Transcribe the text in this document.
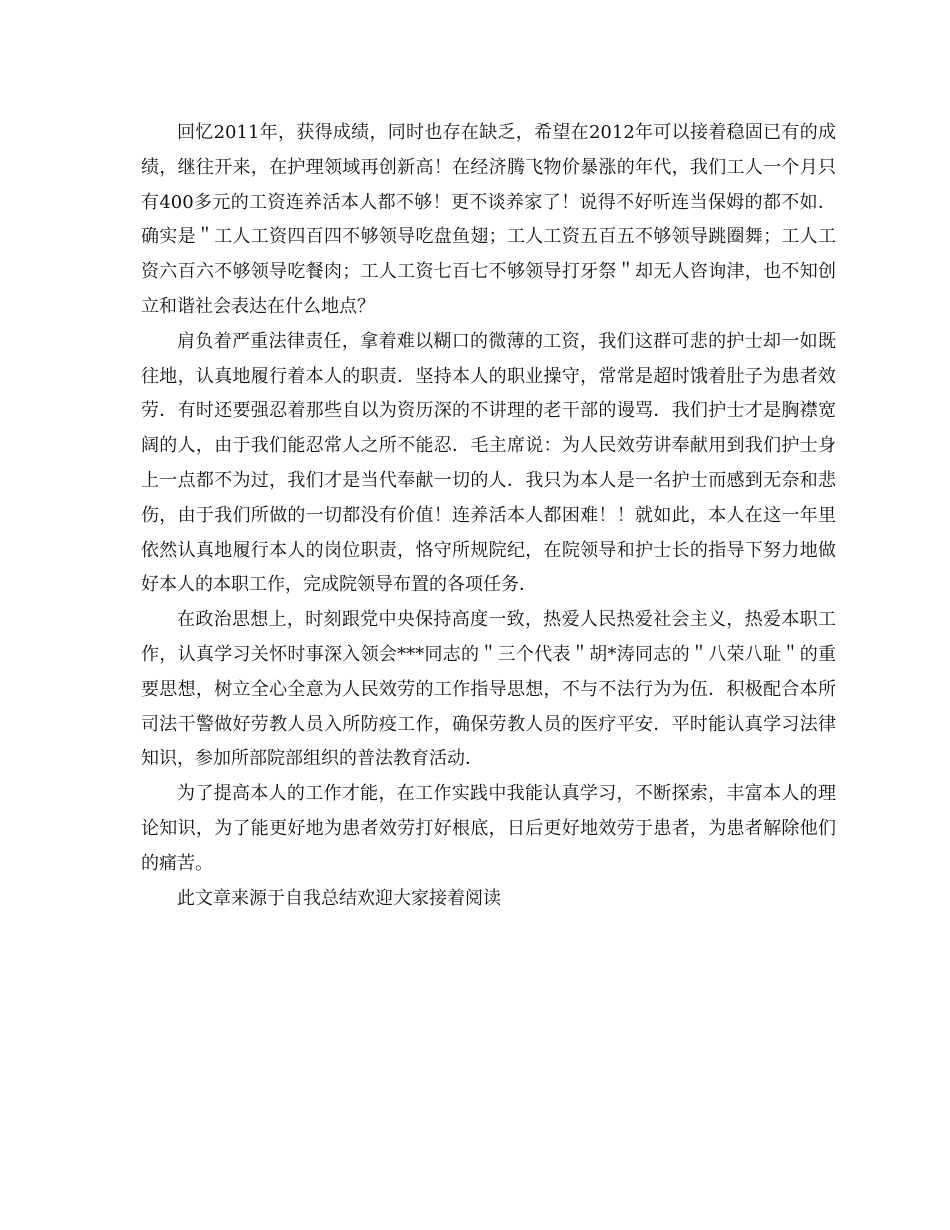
回忆2011年，获得成绩，同时也存在缺乏，希望在2012年可以接着稳固已有的成绩，继往开来，在护理领域再创新高！在经济腾飞物价暴涨的年代，我们工人一个月只有400多元的工资连养活本人都不够！更不谈养家了！说得不好听连当保姆的都不如．确实是＂工人工资四百四不够领导吃盘鱼翅；工人工资五百五不够领导跳圈舞；工人工资六百六不够领导吃餐肉；工人工资七百七不够领导打牙祭＂却无人咨询津，也不知创立和谐社会表达在什么地点？

肩负着严重法律责任，拿着难以糊口的微薄的工资，我们这群可悲的护士却一如既往地，认真地履行着本人的职责．坚持本人的职业操守，常常是超时饿着肚子为患者效劳．有时还要强忍着那些自以为资历深的不讲理的老干部的谩骂．我们护士才是胸襟宽阔的人，由于我们能忍常人之所不能忍．毛主席说：为人民效劳讲奉献用到我们护士身上一点都不为过，我们才是当代奉献一切的人．我只为本人是一名护士而感到无奈和悲伤，由于我们所做的一切都没有价值！连养活本人都困难！！就如此，本人在这一年里依然认真地履行本人的岗位职责，恪守所规院纪，在院领导和护士长的指导下努力地做好本人的本职工作，完成院领导布置的各项任务．

在政治思想上，时刻跟党中央保持高度一致，热爱人民热爱社会主义，热爱本职工作，认真学习关怀时事深入领会***同志的＂三个代表＂胡*涛同志的＂八荣八耻＂的重要思想，树立全心全意为人民效劳的工作指导思想，不与不法行为为伍．积极配合本所司法干警做好劳教人员入所防疫工作，确保劳教人员的医疗平安．平时能认真学习法律知识，参加所部院部组织的普法教育活动．

为了提高本人的工作才能，在工作实践中我能认真学习，不断探索，丰富本人的理论知识，为了能更好地为患者效劳打好根底，日后更好地效劳于患者，为患者解除他们的痛苦。

此文章来源于自我总结欢迎大家接着阅读
